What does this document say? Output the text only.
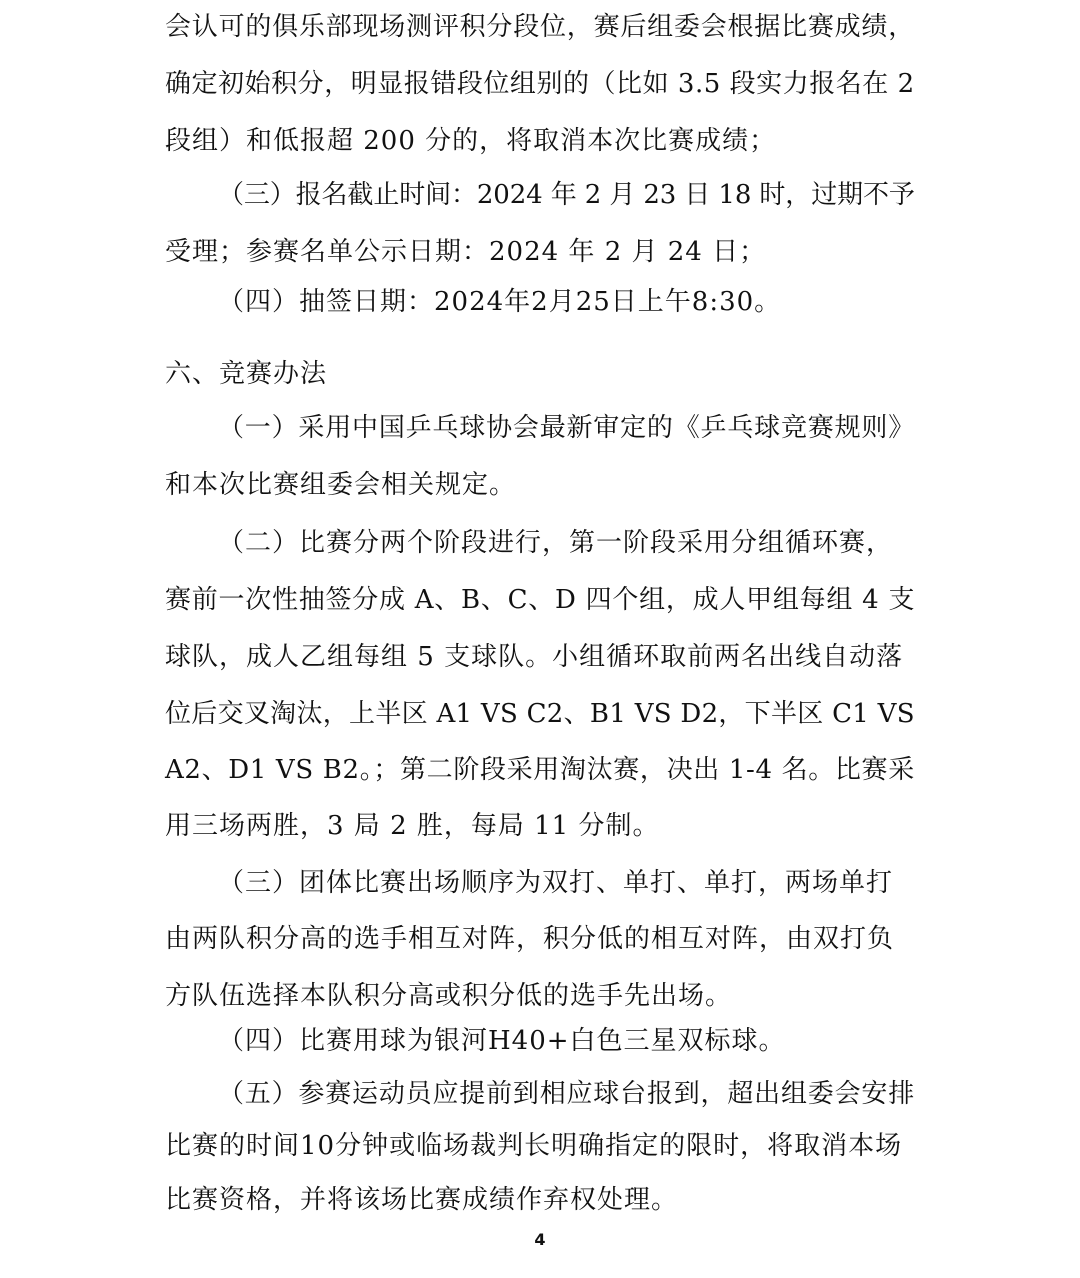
会认可的俱乐部现场测评积分段位，赛后组委会根据比赛成绩，
确定初始积分，明显报错段位组别的（比如 3.5 段实力报名在 2
段组）和低报超 200 分的，将取消本次比赛成绩；
（三）报名截止时间：2024 年 2 月 23 日 18 时，过期不予
受理；参赛名单公示日期：2024 年 2 月 24 日；
（四）抽签日期：2024年2月25日上午8:30。
六、竞赛办法
（一）采用中国乒乓球协会最新审定的《乒乓球竞赛规则》
和本次比赛组委会相关规定。
（二）比赛分两个阶段进行，第一阶段采用分组循环赛，
赛前一次性抽签分成 A、B、C、D 四个组，成人甲组每组 4 支
球队，成人乙组每组 5 支球队。小组循环取前两名出线自动落
位后交叉淘汰，上半区 A1 VS C2、B1 VS D2，下半区 C1 VS
A2、D1 VS B2。；第二阶段采用淘汰赛，决出 1-4 名。比赛采
用三场两胜，3 局 2 胜，每局 11 分制。
（三）团体比赛出场顺序为双打、单打、单打，两场单打
由两队积分高的选手相互对阵，积分低的相互对阵，由双打负
方队伍选择本队积分高或积分低的选手先出场。
（四）比赛用球为银河H40+白色三星双标球。
（五）参赛运动员应提前到相应球台报到，超出组委会安排
比赛的时间10分钟或临场裁判长明确指定的限时，将取消本场
比赛资格，并将该场比赛成绩作弃权处理。
4
